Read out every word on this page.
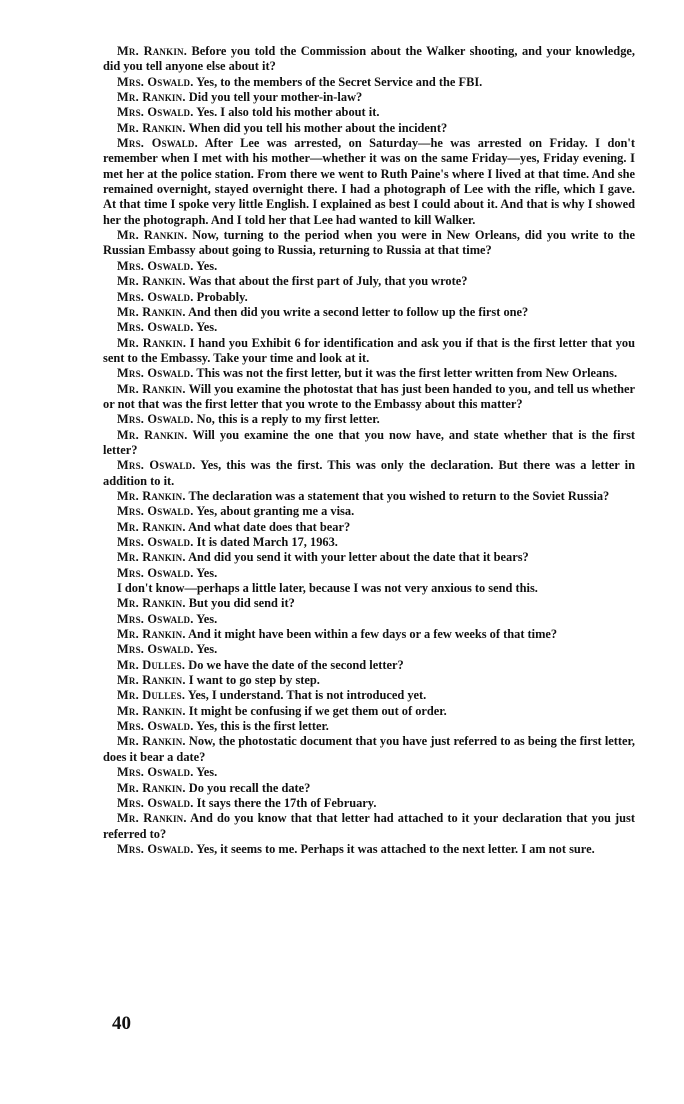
Mr. Rankin. Before you told the Commission about the Walker shooting, and your knowledge, did you tell anyone else about it?

Mrs. Oswald. Yes, to the members of the Secret Service and the FBI.

Mr. Rankin. Did you tell your mother-in-law?

Mrs. Oswald. Yes. I also told his mother about it.

Mr. Rankin. When did you tell his mother about the incident?

Mrs. Oswald. After Lee was arrested, on Saturday—he was arrested on Friday. I don't remember when I met with his mother—whether it was on the same Friday—yes, Friday evening. I met her at the police station. From there we went to Ruth Paine's where I lived at that time. And she remained overnight, stayed overnight there. I had a photograph of Lee with the rifle, which I gave. At that time I spoke very little English. I explained as best I could about it. And that is why I showed her the photograph. And I told her that Lee had wanted to kill Walker.

Mr. Rankin. Now, turning to the period when you were in New Orleans, did you write to the Russian Embassy about going to Russia, returning to Russia at that time?

Mrs. Oswald. Yes.

Mr. Rankin. Was that about the first part of July, that you wrote?

Mrs. Oswald. Probably.

Mr. Rankin. And then did you write a second letter to follow up the first one?

Mrs. Oswald. Yes.

Mr. Rankin. I hand you Exhibit 6 for identification and ask you if that is the first letter that you sent to the Embassy. Take your time and look at it.

Mrs. Oswald. This was not the first letter, but it was the first letter written from New Orleans.

Mr. Rankin. Will you examine the photostat that has just been handed to you, and tell us whether or not that was the first letter that you wrote to the Embassy about this matter?

Mrs. Oswald. No, this is a reply to my first letter.

Mr. Rankin. Will you examine the one that you now have, and state whether that is the first letter?

Mrs. Oswald. Yes, this was the first. This was only the declaration. But there was a letter in addition to it.

Mr. Rankin. The declaration was a statement that you wished to return to the Soviet Russia?

Mrs. Oswald. Yes, about granting me a visa.

Mr. Rankin. And what date does that bear?

Mrs. Oswald. It is dated March 17, 1963.

Mr. Rankin. And did you send it with your letter about the date that it bears?

Mrs. Oswald. Yes.

I don't know—perhaps a little later, because I was not very anxious to send this.

Mr. Rankin. But you did send it?

Mrs. Oswald. Yes.

Mr. Rankin. And it might have been within a few days or a few weeks of that time?

Mrs. Oswald. Yes.

Mr. Dulles. Do we have the date of the second letter?

Mr. Rankin. I want to go step by step.

Mr. Dulles. Yes, I understand. That is not introduced yet.

Mr. Rankin. It might be confusing if we get them out of order.

Mrs. Oswald. Yes, this is the first letter.

Mr. Rankin. Now, the photostatic document that you have just referred to as being the first letter, does it bear a date?

Mrs. Oswald. Yes.

Mr. Rankin. Do you recall the date?

Mrs. Oswald. It says there the 17th of February.

Mr. Rankin. And do you know that that letter had attached to it your declaration that you just referred to?

Mrs. Oswald. Yes, it seems to me. Perhaps it was attached to the next letter. I am not sure.

40
